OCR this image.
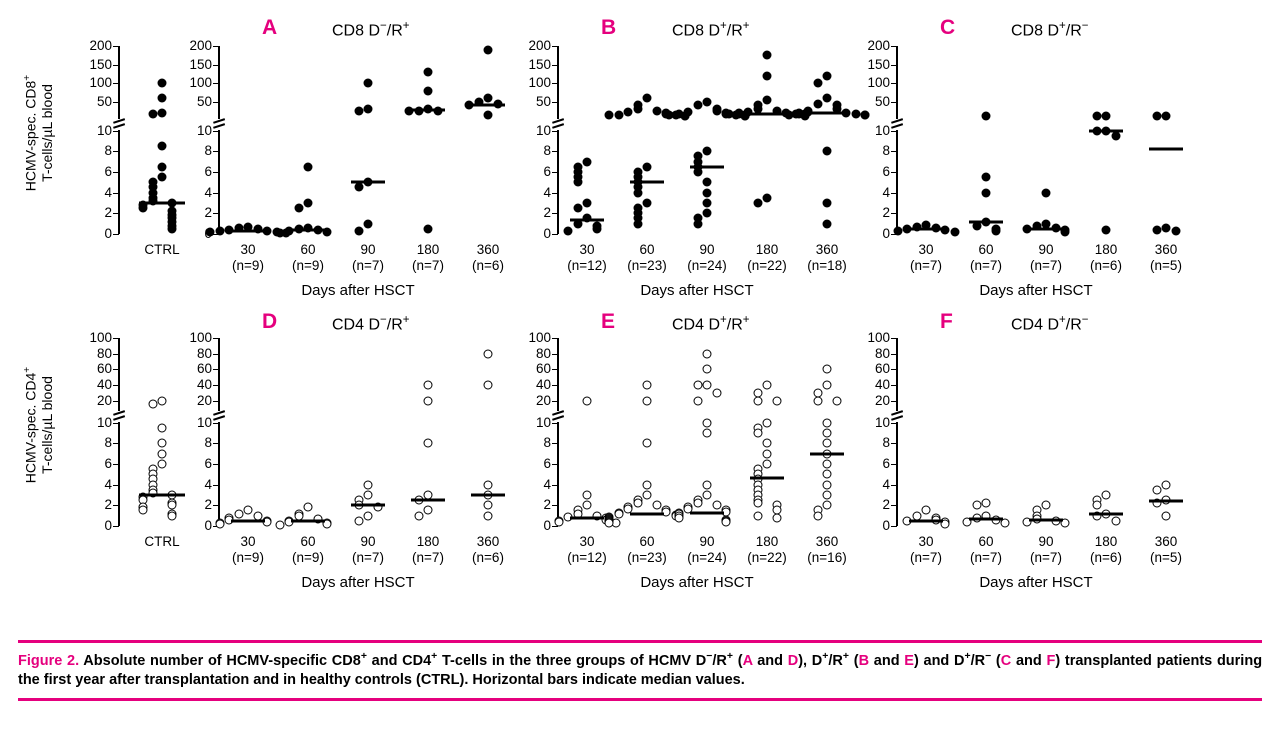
0
2
4
6
8
10
50
100
150
200
CTRL
A	CD8 D−/R+
2
4
6
8
10
50
100
150
200
30
(n=9)
60
(n=9)
90
(n=7)
180
(n=7)
360
(n=6)
Days after HSCT
B	CD8 D+/R+
0
2
4
6
8
10
50
100
150
200
30
(n=12)
60
(n=23)
90
(n=24)
180
(n=22)
360
(n=18)
Days after HSCT
C	CD8 D+/R−
0
2
4
6
8
10
50
100
150
200
30
(n=7)
60
(n=7)
90
(n=7)
180
(n=6)
360
(n=5)
Days after HSCT
0
2
4
6
8
10
20
40
60
80
100
CTRL
D	CD4 D−/R+
0
2
4
6
8
10
20
40
60
80
100
30
(n=9)
60
(n=9)
90
(n=7)
180
(n=7)
360
(n=6)
Days after HSCT
E	CD4 D+/R+
0
2
4
6
8
10
20
40
60
80
100
30
(n=12)
60
(n=23)
90
(n=24)
180
(n=22)
360
(n=16)
Days after HSCT
F	CD4 D+/R−
0
2
4
6
8
10
20
40
60
80
100
30
(n=7)
60
(n=7)
90
(n=7)
180
(n=6)
360
(n=5)
Days after HSCT
HCMV-spec. CD8+
T-cells/µL blood
HCMV-spec. CD4+
T-cells/µL blood

Figure 2. Absolute number of HCMV-specific CD8+ and CD4+ T-cells in the three groups of HCMV D−/R+ (A and D), D+/R+ (B and E) and D+/R− (C and F) transplanted patients during the first year after transplantation and in healthy controls (CTRL). Horizontal bars indicate median values.
